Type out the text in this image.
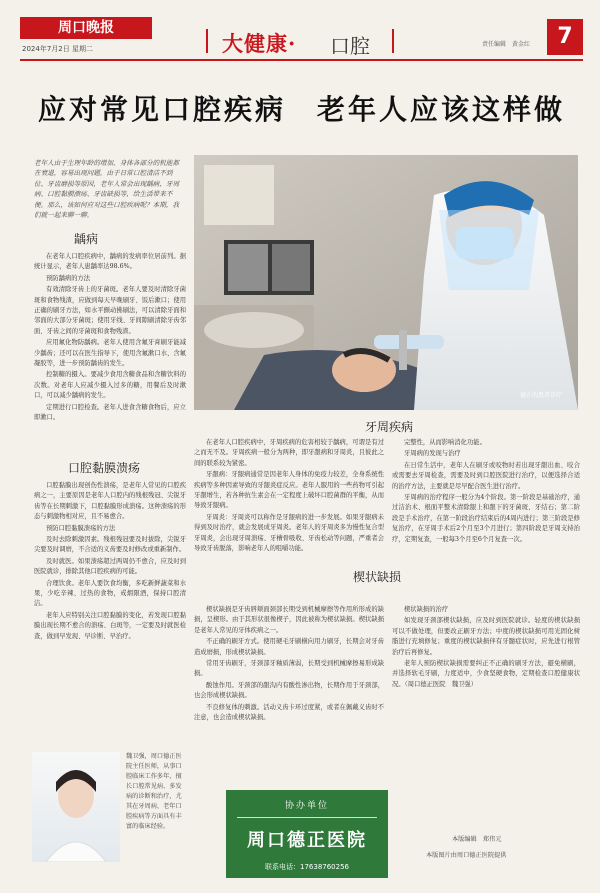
周口晚报
2024年7月2日 星期二	大健康· 口腔	责任编辑　黄金红	7
应对常见口腔疾病　老年人应该这样做
老年人由于生理年龄的增加，身体各部分的机能都在衰退，容易出现问题。由于日常口腔清洁不到位、牙齿磨损等原因，老年人常会出现龋病、牙周病、口腔黏膜溃疡、牙齿缺损等，给生活带来不便。那么，该如何应对这些口腔疾病呢？本期，我们就一起来聊一聊。
龋病

在老年人口腔疾病中，龋病的发病率位居前列。据统计显示，老年人患龋率达98.6%。

预防龋病的方法

有效清除牙齿上的牙菌斑。老年人要及时清除牙菌斑和食物残渣，应做到每天早晚刷牙、饭后漱口；使用正确的刷牙方法，如水平颤动拂刷法，可以清除牙面和邻面的大部分牙菌斑；使用牙线、牙间隙刷清除牙齿邻面、牙齿之间的牙菌斑和食物残渣。

应用氟化物防龋病。老年人使用含氟牙膏刷牙能减少龋齿；还可以在医生指导下，使用含氟漱口水、含氟凝胶等，进一步预防龋齿的发生。

控制糖的摄入。要减少食用含糖食品和含糖饮料的次数。对老年人应减少摄入过多的糖，用餐后及时漱口，可以减少龋病的发生。

定期进行口腔检查。老年人进食含糖食物后，应立即漱口。

德正的患者诊疗
口腔黏膜溃疡

口腔黏膜出现创伤性溃疡，是老年人常见的口腔疾病之一，主要原因是老年人口腔内的残根残冠、尖锐牙齿等在长期刺激下，口腔黏膜形成溃疡。这种溃疡的形态与刺激物相对应，且不易愈合。

预防口腔黏膜溃疡的方法

及时去除刺激因素。残根残冠要及时拔除，尖锐牙尖要及时调磨，不合适的义齿要及时修改或重新制作。

及时就医。如果溃疡超过两周仍不愈合，应及时到医院就诊，排除其他口腔疾病的可能。

合理饮食。老年人要饮食均衡，多吃新鲜蔬菜和水果，少吃辛辣、过热的食物，戒烟限酒，保持口腔清洁。

老年人应特别关注口腔黏膜的变化，若发现口腔黏膜出现长期不愈合的溃疡、白斑等，一定要及时就医检查，做到早发现、早诊断、早治疗。

魏卫强，周口德正医院主任医师，从事口腔临床工作多年，擅长口腔常见病、多发病的诊断和治疗，尤其在牙周病、老年口腔疾病等方面具有丰富的临床经验。
牙周疾病

在老年人口腔疾病中，牙周疾病的危害相较于龋病，可谓是有过之而无不及。牙周疾病一般分为两种，即牙龈病和牙周炎，且彼此之间的联系较为紧密。

牙龈病：牙龈病通常是因老年人身体的免疫力较差，全身系统性疾病等多种因素导致的牙龈炎症反应。老年人服用的一些药物可引起牙龈增生，若各种抗生素会在一定程度上破坏口腔菌群的平衡，从而导致牙龈病。

牙周炎：牙周炎可以称作是牙龈病的进一步发展。如果牙龈病未得到及时治疗，就会发展成牙周炎。老年人的牙周炎多为慢性复合型牙周炎，会出现牙周溃疡、牙槽骨吸收、牙齿松动等问题，严重者会导致牙齿脱落，影响老年人的咀嚼功能。

完整性，从而影响消化功能。

牙周病的发现与治疗

在日常生活中，老年人在刷牙或咬物时若出现牙龈出血、咬合或需要去牙周检查，需要及时到口腔医院进行治疗，以便选择合适的治疗方法，主要就是尽早配合医生进行治疗。

牙周病的治疗程序一般分为4个阶段。第一阶段是基础治疗，通过洁治术、根面平整术清除龈上和龈下的牙菌斑、牙结石；第二阶段是手术治疗，在第一阶段治疗结束后的4周内进行；第三阶段是修复治疗，在牙周手术后2个月至3个月进行；第四阶段是牙周支持治疗，定期复查，一般每3个月至6个月复查一次。

楔状缺损

楔状缺损是牙齿唇颊面颈部长期受到机械摩擦等作用所形成的缺损，呈楔形。由于其形状很像楔子，因此被称为楔状缺损。楔状缺损是老年人常见的牙体疾病之一。

不正确的刷牙方式。使用硬毛牙刷横向用力刷牙，长期会对牙齿造成磨损，形成楔状缺损。

常用牙齿刷牙，牙颈部牙釉质薄弱，长期受到机械摩擦易形成缺损。

酸蚀作用。牙颈部的龈沟内有酸性渗出物，长期作用于牙颈部，也会形成楔状缺损。

不良修复体的刺激。活动义齿卡环过度紧，或者在佩戴义齿时不注意，也会造成楔状缺损。

楔状缺损的治疗

如发现牙颈部楔状缺损，应及时到医院就诊。轻度的楔状缺损可以不做处理，但要改正刷牙方法；中度的楔状缺损可用光固化树脂进行充填修复；重度的楔状缺损伴有牙髓症状时，应先进行根管治疗后再修复。

老年人预防楔状缺损需要纠正不正确的刷牙方法，避免横刷，并选择软毛牙刷，力度适中，少食坚硬食物，定期检查口腔健康状况。（周口德正医院　魏卫强）

协办单位
周口德正医院
联系电话：17638760256
本版编辑　郑伟元
本版图片由周口德正医院提供
